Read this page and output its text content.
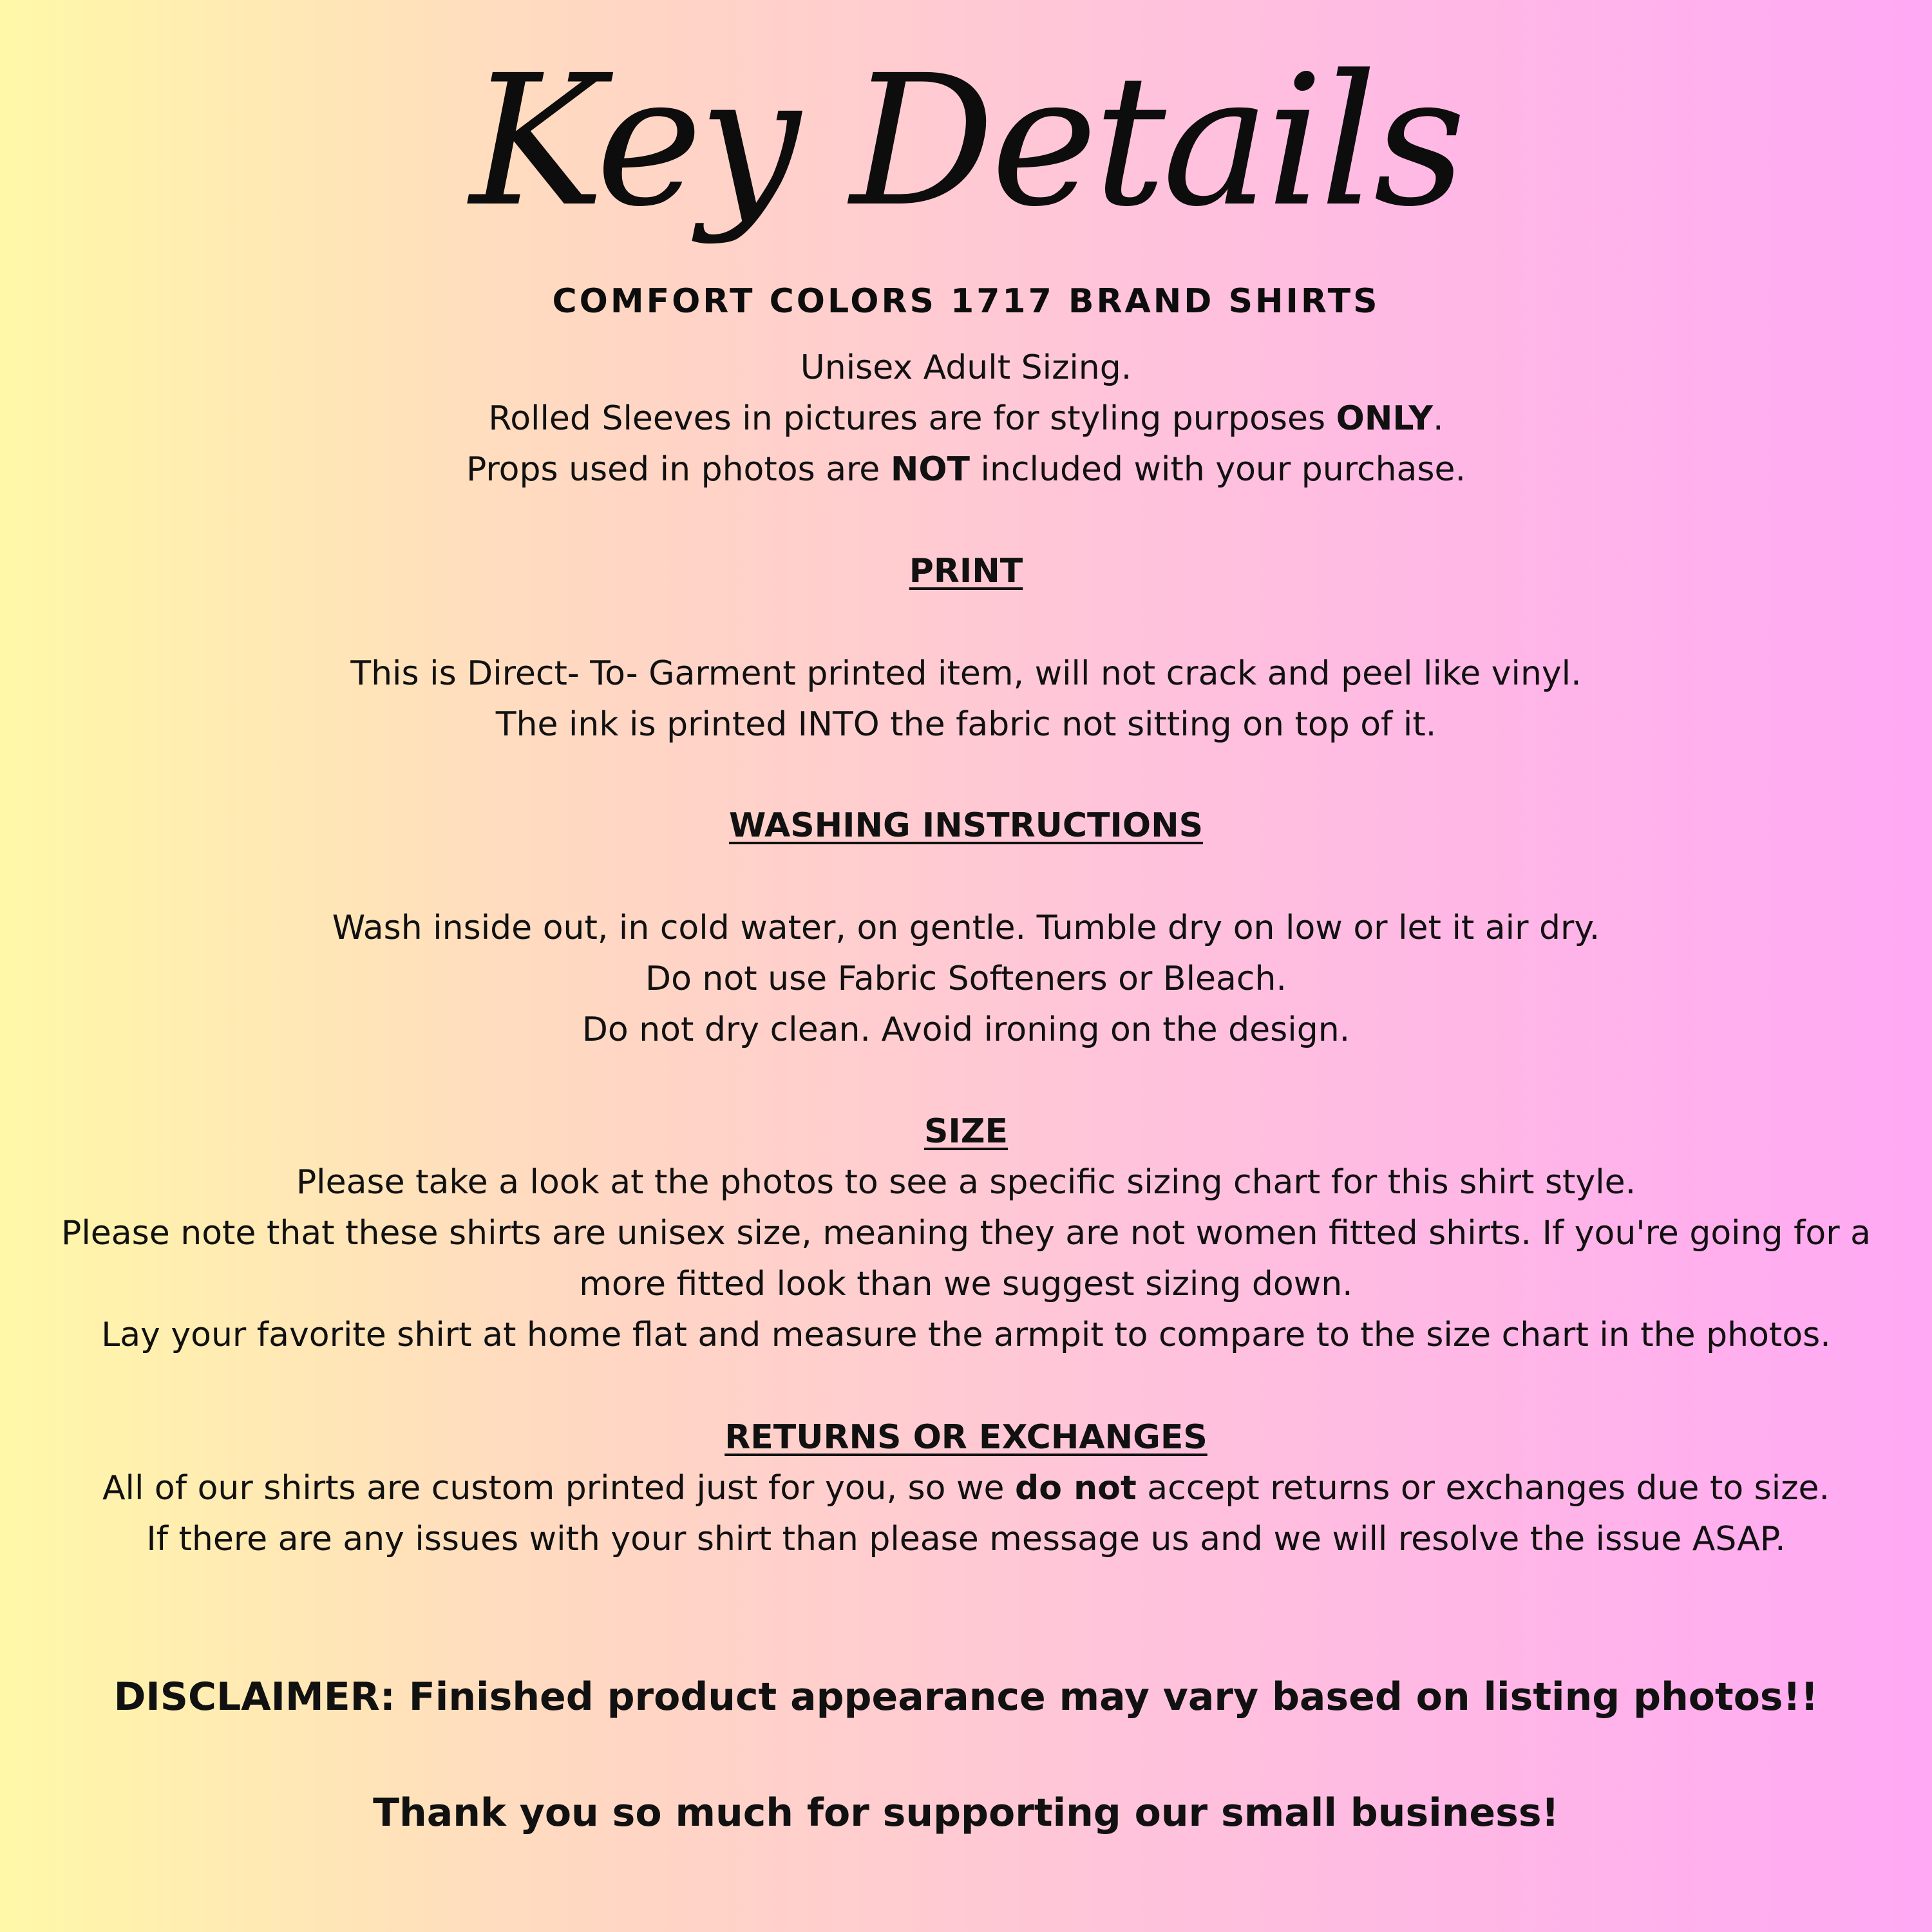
Key Details
COMFORT COLORS 1717 BRAND SHIRTS
Unisex Adult Sizing.
Rolled Sleeves in pictures are for styling purposes ONLY.
Props used in photos are NOT included with your purchase.
PRINT
This is Direct- To- Garment printed item, will not crack and peel like vinyl.
The ink is printed INTO the fabric not sitting on top of it.
WASHING INSTRUCTIONS
Wash inside out, in cold water, on gentle. Tumble dry on low or let it air dry.
Do not use Fabric Softeners or Bleach.
Do not dry clean. Avoid ironing on the design.
SIZE
Please take a look at the photos to see a specific sizing chart for this shirt style.
Please note that these shirts are unisex size, meaning they are not women fitted shirts. If you're going for a
more fitted look than we suggest sizing down.
Lay your favorite shirt at home flat and measure the armpit to compare to the size chart in the photos.
RETURNS OR EXCHANGES
All of our shirts are custom printed just for you, so we do not accept returns or exchanges due to size.
If there are any issues with your shirt than please message us and we will resolve the issue ASAP.
DISCLAIMER: Finished product appearance may vary based on listing photos!!
Thank you so much for supporting our small business!
